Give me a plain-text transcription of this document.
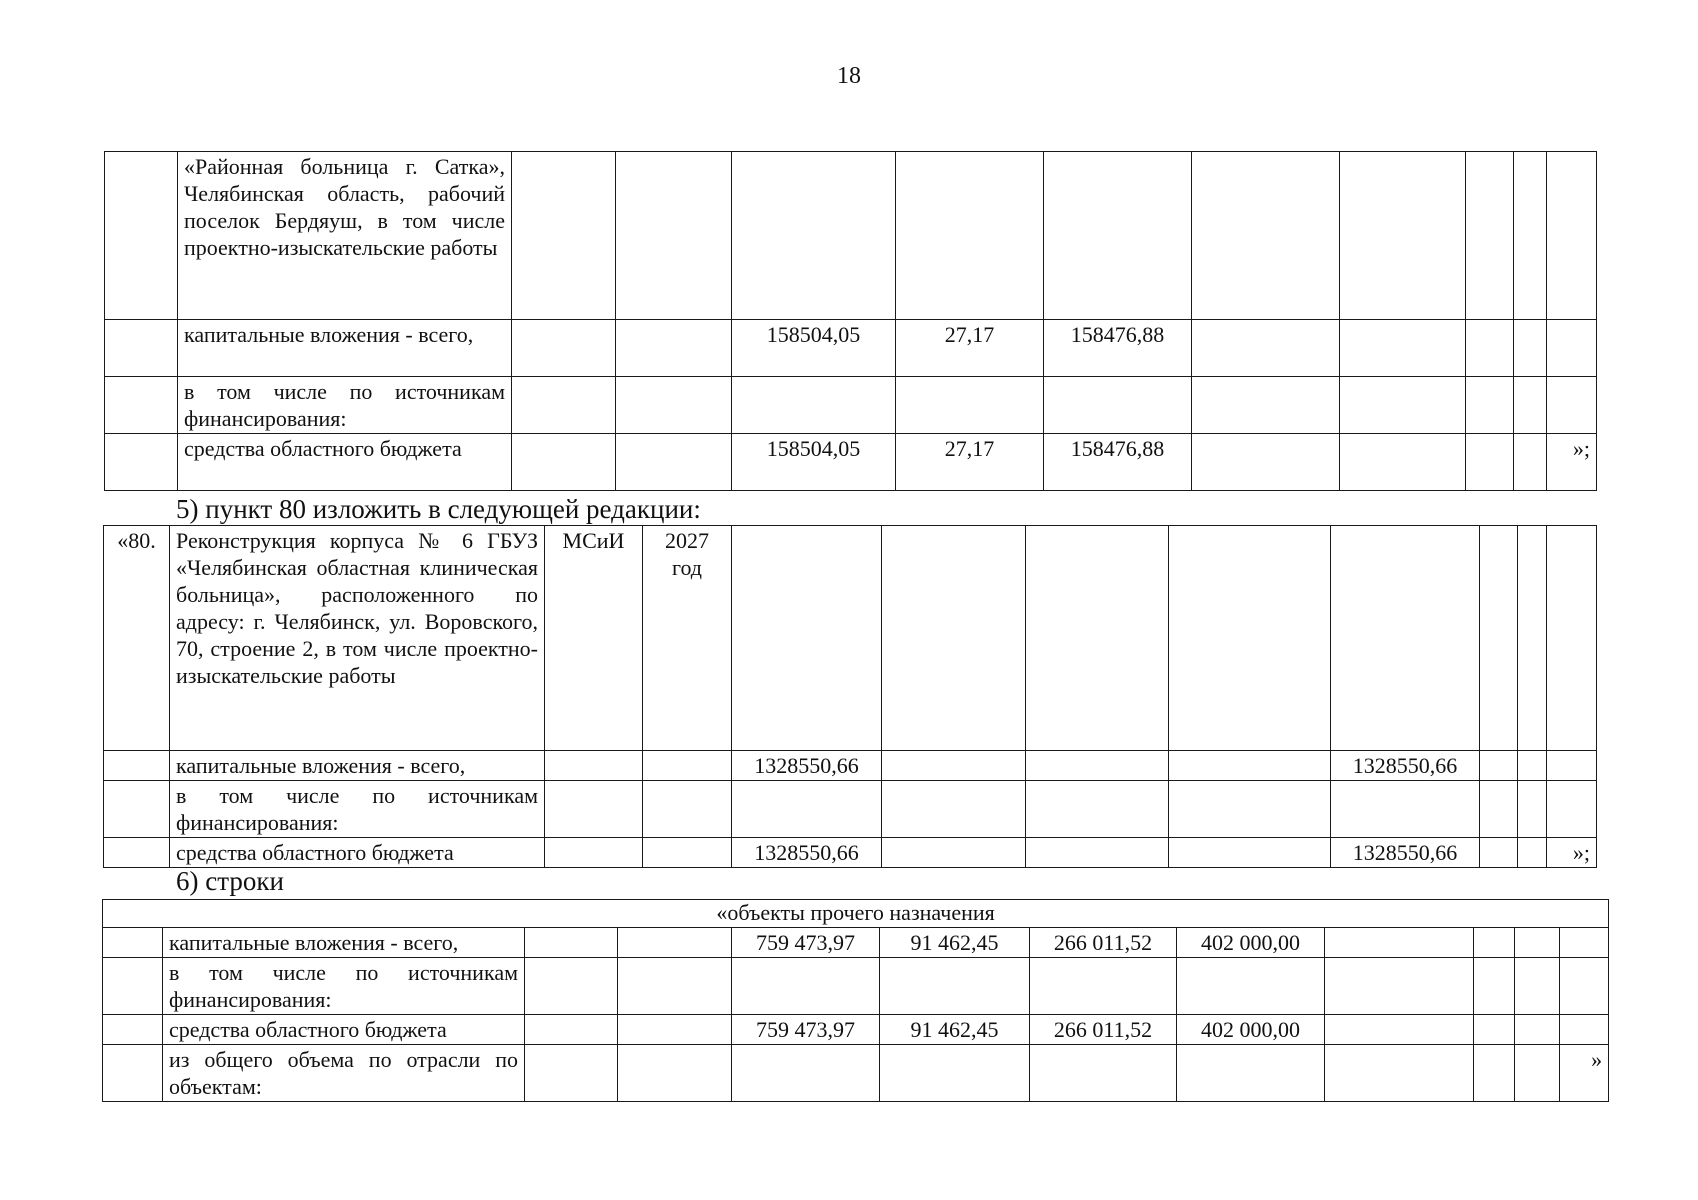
18
	«Районная больница г. Сатка», Челябинская область, рабочий поселок Бердяуш, в том числе проектно-изыскательские работы										
	капитальные вложения - всего,			158504,05	27,17	158476,88					
	в том числе по источникам финансирования:										
	средства областного бюджета			158504,05	27,17	158476,88					»;
5) пункт 80 изложить в следующей редакции:
«80.	Реконструкция корпуса № 6 ГБУЗ «Челябинская областная клиническая больница», расположенного по адресу: г. Челябинск, ул. Воровского, 70, строение 2, в том числе проектно-изыскательские работы	МСиИ	2027 год								
	капитальные вложения - всего,			1328550,66				1328550,66			
	в том числе по источникам финансирования:										
	средства областного бюджета			1328550,66				1328550,66			»;
6) строки
«объекты прочего назначения											
	капитальные вложения - всего,			759 473,97	91 462,45	266 011,52	402 000,00				
	в том числе по источникам финансирования:										
	средства областного бюджета			759 473,97	91 462,45	266 011,52	402 000,00				
	из общего объема по отрасли по объектам:										»
